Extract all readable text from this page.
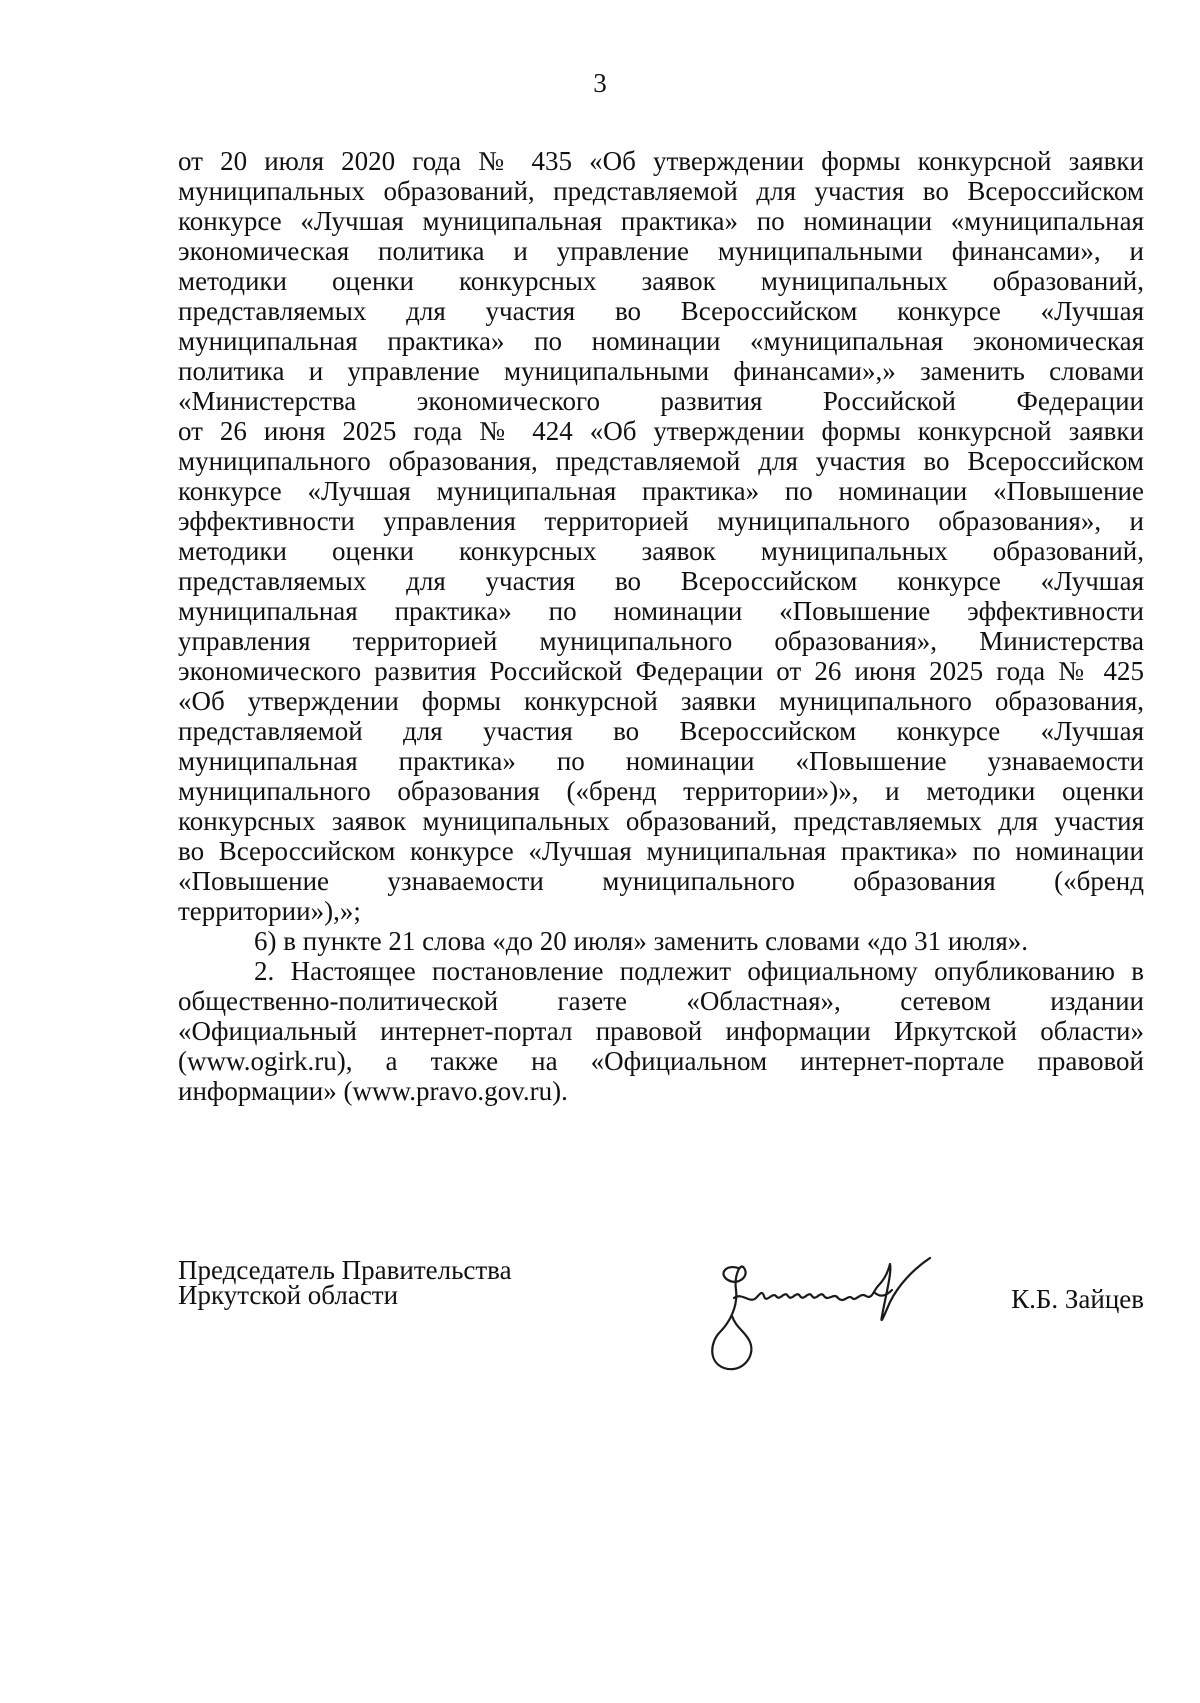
3
от 20 июля 2020 года № 435 «Об утверждении формы конкурсной заявки
муниципальных образований, представляемой для участия во Всероссийском
конкурсе «Лучшая муниципальная практика» по номинации «муниципальная
экономическая политика и управление муниципальными финансами», и
методики оценки конкурсных заявок муниципальных образований,
представляемых для участия во Всероссийском конкурсе «Лучшая
муниципальная практика» по номинации «муниципальная экономическая
политика и управление муниципальными финансами»,» заменить словами
«Министерства экономического развития Российской Федерации
от 26 июня 2025 года № 424 «Об утверждении формы конкурсной заявки
муниципального образования, представляемой для участия во Всероссийском
конкурсе «Лучшая муниципальная практика» по номинации «Повышение
эффективности управления территорией муниципального образования», и
методики оценки конкурсных заявок муниципальных образований,
представляемых для участия во Всероссийском конкурсе «Лучшая
муниципальная практика» по номинации «Повышение эффективности
управления территорией муниципального образования», Министерства
экономического развития Российской Федерации от 26 июня 2025 года № 425
«Об утверждении формы конкурсной заявки муниципального образования,
представляемой для участия во Всероссийском конкурсе «Лучшая
муниципальная практика» по номинации «Повышение узнаваемости
муниципального образования («бренд территории»)», и методики оценки
конкурсных заявок муниципальных образований, представляемых для участия
во Всероссийском конкурсе «Лучшая муниципальная практика» по номинации
«Повышение узнаваемости муниципального образования («бренд
территории»),»;
6) в пункте 21 слова «до 20 июля» заменить словами «до 31 июля».
2. Настоящее постановление подлежит официальному опубликованию в
общественно-политической газете «Областная», сетевом издании
«Официальный интернет-портал правовой информации Иркутской области»
(www.ogirk.ru), а также на «Официальном интернет-портале правовой
информации» (www.pravo.gov.ru).
Председатель Правительства
Иркутской области	К.Б. Зайцев
